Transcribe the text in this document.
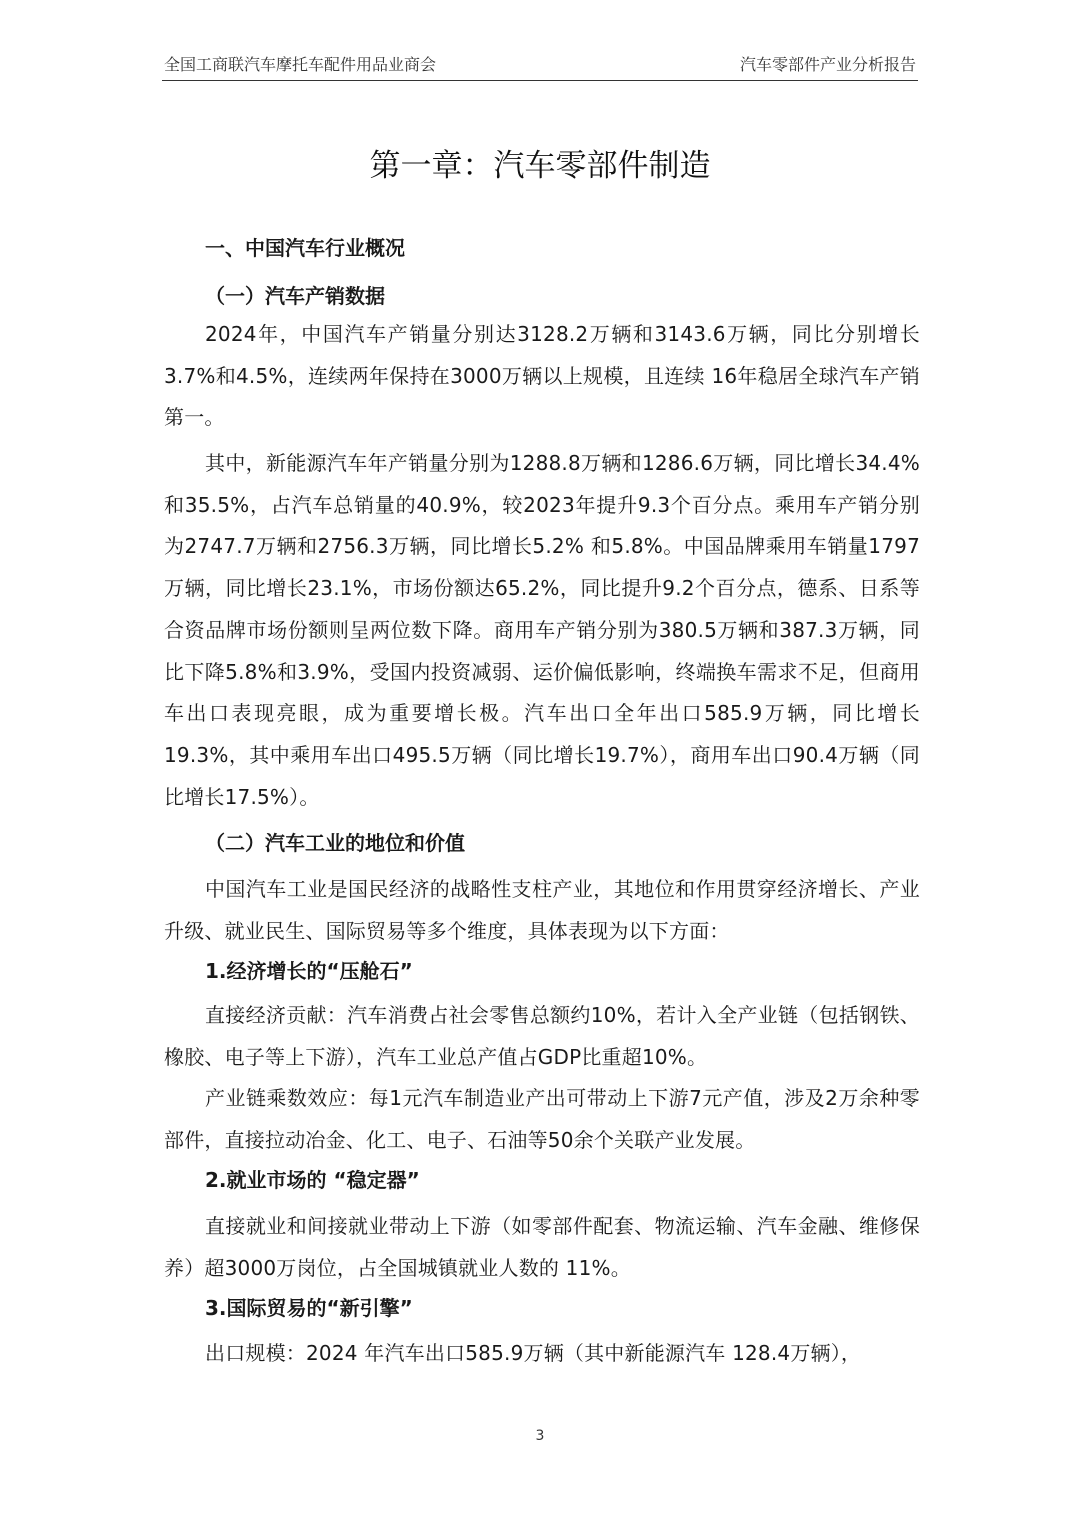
全国工商联汽车摩托车配件用品业商会	汽车零部件产业分析报告
第一章：汽车零部件制造
一、中国汽车行业概况
（一）汽车产销数据
2024年，中国汽车产销量分别达3128.2万辆和3143.6万辆，同比分别增长3.7%和4.5%，连续两年保持在3000万辆以上规模，且连续 16年稳居全球汽车产销第一。
其中，新能源汽车年产销量分别为1288.8万辆和1286.6万辆，同比增长34.4%和35.5%，占汽车总销量的40.9%，较2023年提升9.3个百分点。乘用车产销分别为2747.7万辆和2756.3万辆，同比增长5.2% 和5.8%。中国品牌乘用车销量1797万辆，同比增长23.1%，市场份额达65.2%，同比提升9.2个百分点，德系、日系等合资品牌市场份额则呈两位数下降。商用车产销分别为380.5万辆和387.3万辆，同比下降5.8%和3.9%，受国内投资减弱、运价偏低影响，终端换车需求不足，但商用车出口表现亮眼，成为重要增长极。汽车出口全年出口585.9万辆，同比增长19.3%，其中乘用车出口495.5万辆（同比增长19.7%），商用车出口90.4万辆（同比增长17.5%）。
（二）汽车工业的地位和价值
中国汽车工业是国民经济的战略性支柱产业，其地位和作用贯穿经济增长、产业升级、就业民生、国际贸易等多个维度，具体表现为以下方面：
1.经济增长的“压舱石”
直接经济贡献：汽车消费占社会零售总额约10%，若计入全产业链（包括钢铁、橡胶、电子等上下游），汽车工业总产值占GDP比重超10%。
产业链乘数效应：每1元汽车制造业产出可带动上下游7元产值，涉及2万余种零部件，直接拉动冶金、化工、电子、石油等50余个关联产业发展。
2.就业市场的 “稳定器”
直接就业和间接就业带动上下游（如零部件配套、物流运输、汽车金融、维修保养）超3000万岗位，占全国城镇就业人数的 11%。
3.国际贸易的“新引擎”
出口规模：2024 年汽车出口585.9万辆（其中新能源汽车 128.4万辆），
3
